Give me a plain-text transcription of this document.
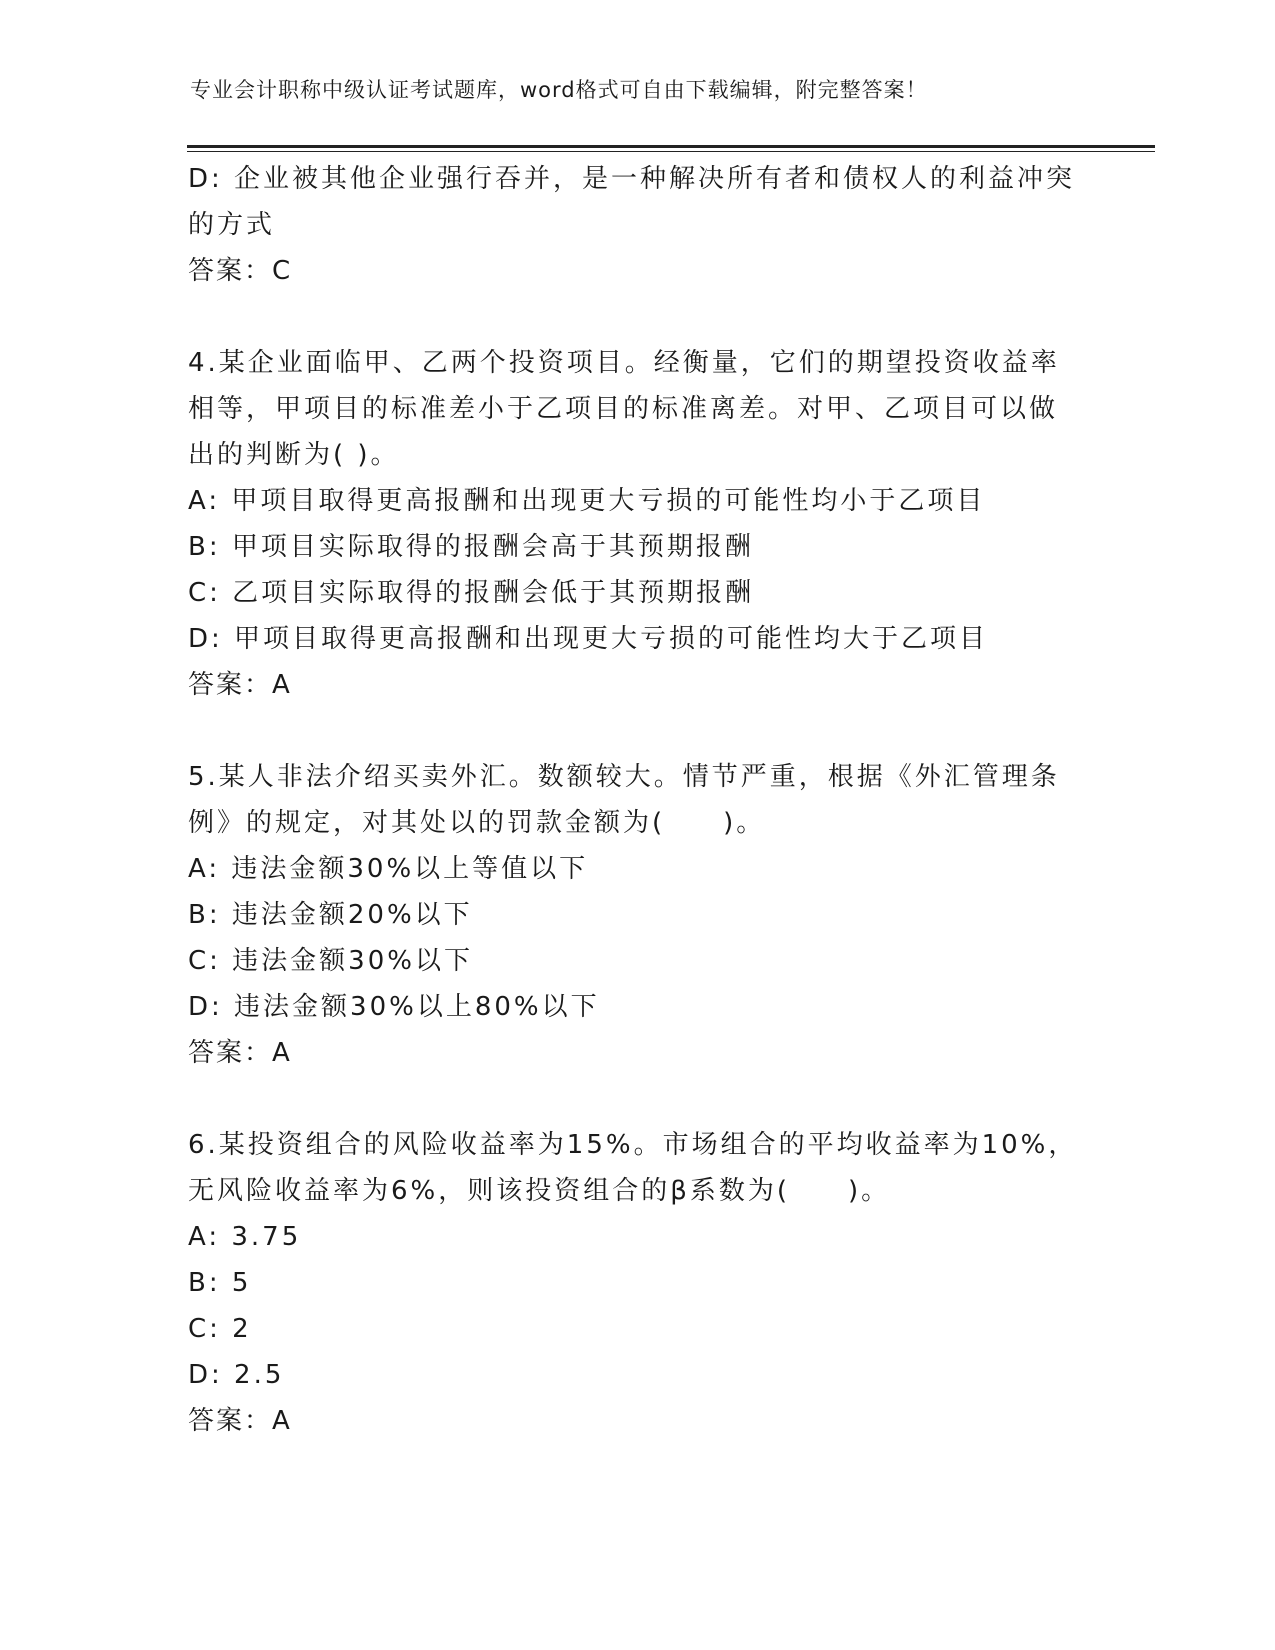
专业会计职称中级认证考试题库，word格式可自由下载编辑，附完整答案！
D: 企业被其他企业强行吞并，是一种解决所有者和债权人的利益冲突
的方式
答案：C
4.某企业面临甲、乙两个投资项目。经衡量，它们的期望投资收益率
相等，甲项目的标准差小于乙项目的标准离差。对甲、乙项目可以做
出的判断为( )。
A: 甲项目取得更高报酬和出现更大亏损的可能性均小于乙项目
B: 甲项目实际取得的报酬会高于其预期报酬
C: 乙项目实际取得的报酬会低于其预期报酬
D: 甲项目取得更高报酬和出现更大亏损的可能性均大于乙项目
答案：A
5.某人非法介绍买卖外汇。数额较大。情节严重，根据《外汇管理条
例》的规定，对其处以的罚款金额为(　　)。
A: 违法金额30%以上等值以下
B: 违法金额20%以下
C: 违法金额30%以下
D: 违法金额30%以上80%以下
答案：A
6.某投资组合的风险收益率为15%。市场组合的平均收益率为10%，
无风险收益率为6%，则该投资组合的β系数为(　　)。
A: 3.75
B: 5
C: 2
D: 2.5
答案：A
